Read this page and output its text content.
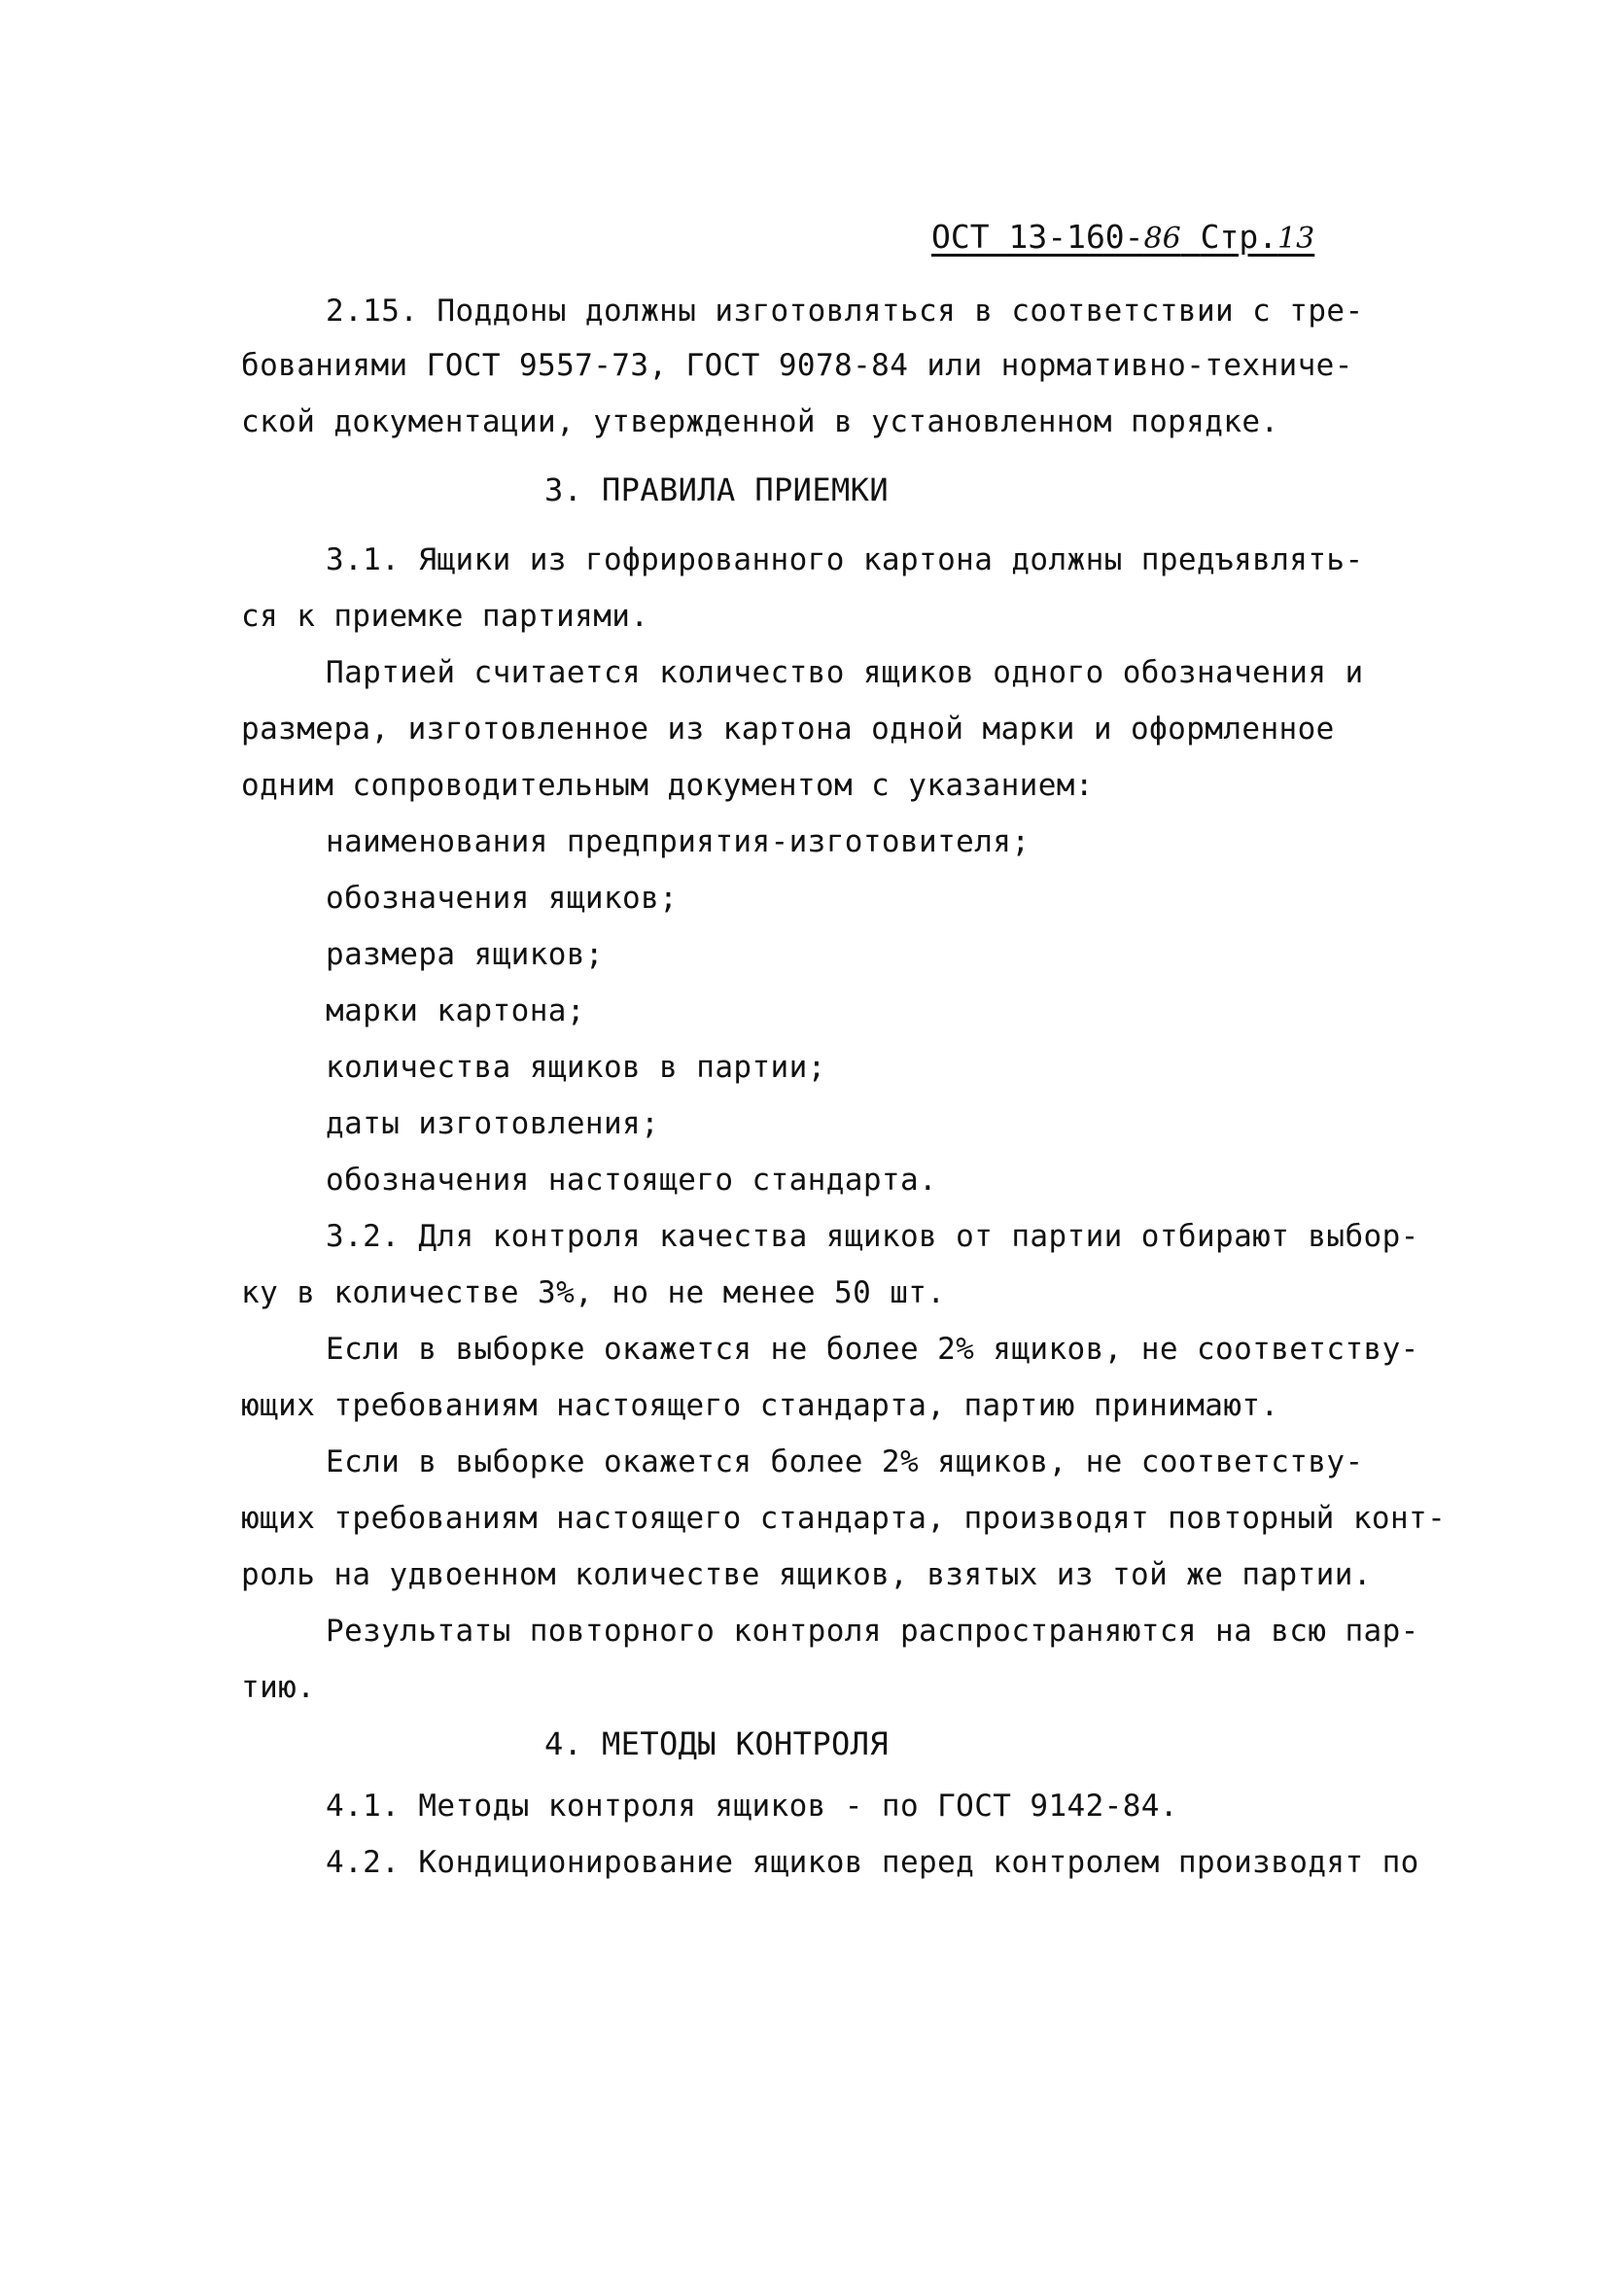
ОСТ 13-160-86 Стр.13
2.15. Поддоны должны изготовляться в соответствии с тре-
бованиями ГОСТ 9557-73, ГОСТ 9078-84 или нормативно-техниче-
ской документации, утвержденной в установленном порядке.
3. ПРАВИЛА ПРИЕМКИ
3.1. Ящики из гофрированного картона должны предъявлять-
ся к приемке партиями.
Партией считается количество ящиков одного обозначения и
размера, изготовленное из картона одной марки и оформленное
одним сопроводительным документом с указанием:
наименования предприятия-изготовителя;
обозначения ящиков;
размера ящиков;
марки картона;
количества ящиков в партии;
даты изготовления;
обозначения настоящего стандарта.
3.2. Для контроля качества ящиков от партии отбирают выбор-
ку в количестве 3%, но не менее 50 шт.
Если в выборке окажется не более 2% ящиков, не соответству-
ющих требованиям настоящего стандарта, партию принимают.
Если в выборке окажется более 2% ящиков, не соответству-
ющих требованиям настоящего стандарта, производят повторный конт-
роль на удвоенном количестве ящиков, взятых из той же партии.
Результаты повторного контроля распространяются на всю пар-
тию.
4. МЕТОДЫ КОНТРОЛЯ
4.1. Методы контроля ящиков - по ГОСТ 9142-84.
4.2. Кондиционирование ящиков перед контролем производят по
